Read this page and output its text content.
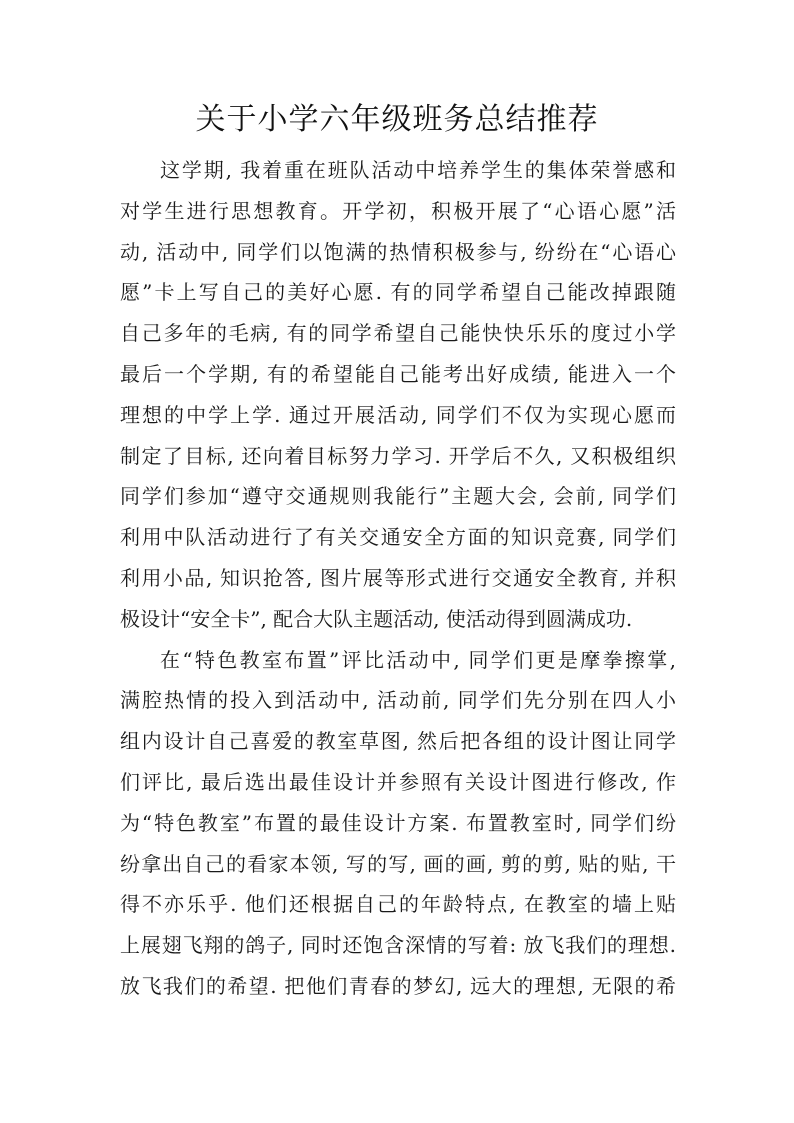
关于小学六年级班务总结推荐
这学期, 我着重在班队活动中培养学生的集体荣誉感和
对学生进行思想教育。开学初，积极开展了“心语心愿”活
动, 活动中, 同学们以饱满的热情积极参与, 纷纷在“心语心
愿”卡上写自己的美好心愿. 有的同学希望自己能改掉跟随
自己多年的毛病, 有的同学希望自己能快快乐乐的度过小学
最后一个学期, 有的希望能自己能考出好成绩, 能进入一个
理想的中学上学. 通过开展活动, 同学们不仅为实现心愿而
制定了目标, 还向着目标努力学习. 开学后不久, 又积极组织
同学们参加“遵守交通规则我能行”主题大会, 会前, 同学们
利用中队活动进行了有关交通安全方面的知识竞赛, 同学们
利用小品, 知识抢答, 图片展等形式进行交通安全教育, 并积
极设计“安全卡”, 配合大队主题活动, 使活动得到圆满成功.
在“特色教室布置”评比活动中, 同学们更是摩拳擦掌,
满腔热情的投入到活动中, 活动前, 同学们先分别在四人小
组内设计自己喜爱的教室草图, 然后把各组的设计图让同学
们评比, 最后选出最佳设计并参照有关设计图进行修改, 作
为“特色教室”布置的最佳设计方案. 布置教室时, 同学们纷
纷拿出自己的看家本领, 写的写, 画的画, 剪的剪, 贴的贴, 干
得不亦乐乎. 他们还根据自己的年龄特点, 在教室的墙上贴
上展翅飞翔的鸽子, 同时还饱含深情的写着: 放飞我们的理想.
放飞我们的希望. 把他们青春的梦幻, 远大的理想, 无限的希
